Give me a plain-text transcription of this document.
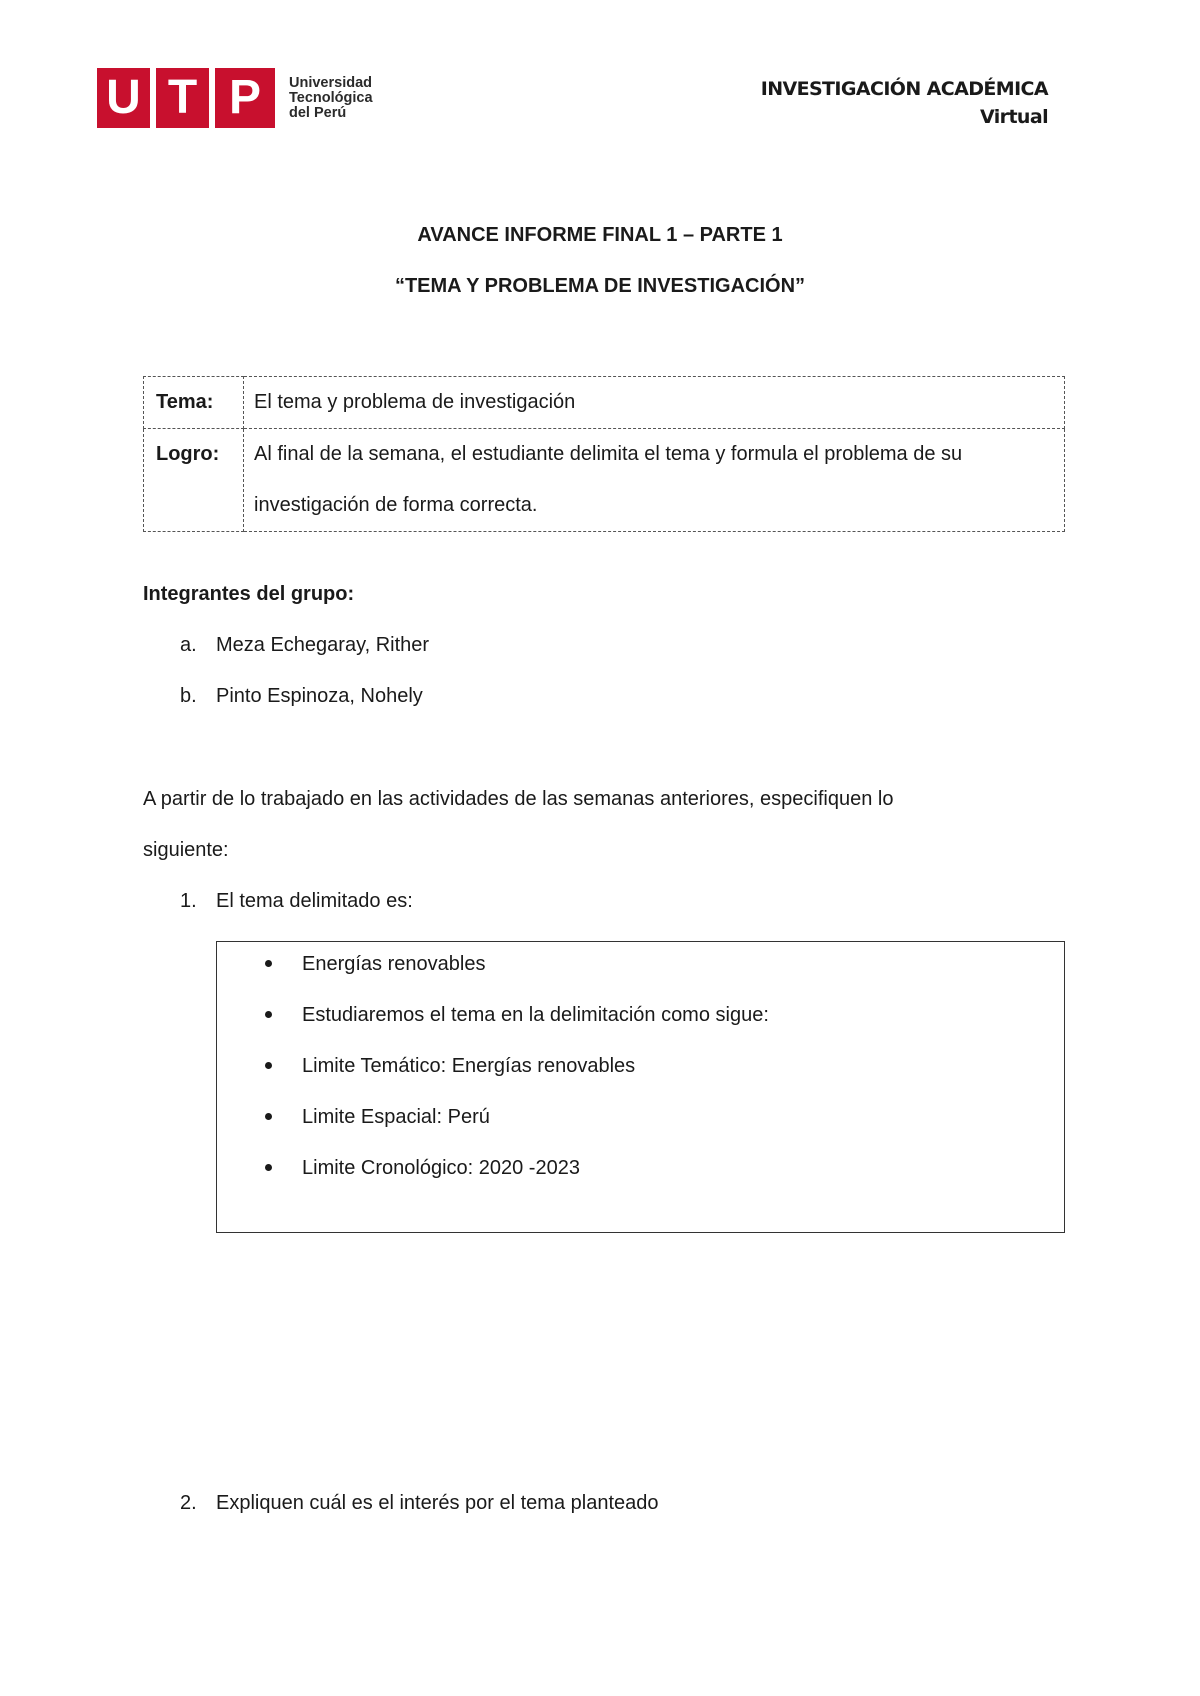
U T P	Universidad
Tecnológica
del Perú
INVESTIGACIÓN ACADÉMICA
Virtual
AVANCE INFORME FINAL 1 – PARTE 1
“TEMA Y PROBLEMA DE INVESTIGACIÓN”
Tema:	El tema y problema de investigación
Logro:	Al final de la semana, el estudiante delimita el tema y formula el problema de su
investigación de forma correcta.
Integrantes del grupo:
a. Meza Echegaray, Rither
b. Pinto Espinoza, Nohely
A partir de lo trabajado en las actividades de las semanas anteriores, especifiquen lo
siguiente:
1. El tema delimitado es:
Energías renovables
Estudiaremos el tema en la delimitación como sigue:
Limite Temático: Energías renovables
Limite Espacial: Perú
Limite Cronológico: 2020 -2023
2. Expliquen cuál es el interés por el tema planteado
